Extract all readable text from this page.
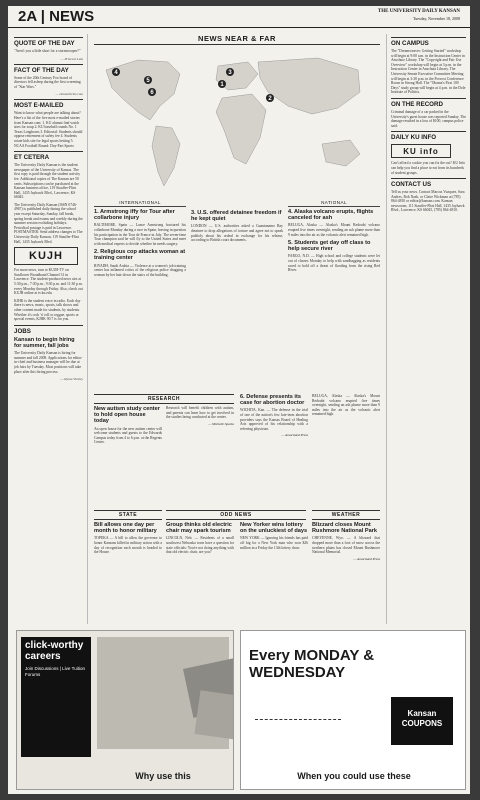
2A | NEWS	THE UNIVERSITY DAILY KANSAN
Tuesday, November 18, 2008
QUOTE OF THE DAY
"Aren't you a little short for a stormtrooper?"
— Princess Leia
FACT OF THE DAY
Some of the 20th Century Fox board of directors fell asleep during the first screening of "Star Wars."
— ezinearticles.com
MOST E-MAILED
Want to know what people are talking about? Here's a list of the five most e-mailed stories from Kansan.com: 1. KU alumni find watch sites for soup 2. KU baseball rounds No. 1 Texas Longhorns 3. Editorial: Students should oppose retirement of safety fee 4. Students rotate kids site for legal sports betting 5. NCAA Football Round: Day-Part Sports
ET CETERA
The University Daily Kansan is the student newspaper of the University of Kansas. The first copy is paid through the student activity fee. Additional copies of The Kansan are 50 cents. Subscriptions can be purchased at the Kansan business office, 119 Stauffer-Flint Hall, 1435 Jayhawk Blvd., Lawrence, KS 66045.
The University Daily Kansan (ISSN 0746-4967) is published daily during the school year except Saturday, Sunday, fall break, spring break and exams and weekly during the summer session excluding holidays. Periodical postage is paid in Lawrence. POSTMASTER: Send address changes to The University Daily Kansan, 119 Stauffer-Flint Hall, 1435 Jayhawk Blvd.
KUJH
For more news, turn to KUJH-TV on Sunflower Broadband Channel 31 in Lawrence. The student-produced news airs at 5:30 p.m., 7:30 p.m., 9:30 p.m. and 11:30 p.m. every Monday through Friday. Also, check out KUJH online at tv.ku.edu.
KJHK is the student voice in radio. Each day there is news, music, sports, talk shows and other content made for students, by students. Whether it's rock 'n' roll or reggae, sports or special events, KJHK 90.7 is for you.
JOBS
Kansan to begin hiring for summer, fall jobs
The University Daily Kansan is hiring for summer and fall 2009. Applications for editor-in-chief and business manager will be due at job fairs by Tuesday. Most positions will take place after this hiring process.
— Alyssa Vinsley
NEWS NEAR & FAR
1
2
3
4
5
6
INTERNATIONAL
1. Armstrong iffy for Tour after collarbone injury
BALTIMORE, Spain — Lance Armstrong fractured his collarbone Monday during a race in Spain, leaving in question his participation in the Tour de France in July. The seven-time Tour champion said he will fly to the United States and meet with medical experts to decide whether he needs surgery.
2. Religious cop attacks woman at training center
RIYADH, Saudi Arabia — Violence at a women's job training center has inflamed critics of the religious police dragging a woman by her hair down the stairs of the building.
3. U.S. offered detainee freedom if he kept quiet
LONDON — U.S. authorities asked a Guantanamo Bay detainee to drop allegations of torture and agree not to speak publicly about his ordeal in exchange for his release, according to British court documents.
NATIONAL
4. Alaska volcano erupts, flights canceled for ash
BELUGA, Alaska — Alaska's Mount Redoubt volcano erupted five times overnight, sending an ash plume more than 9 miles into the air as the volcanic alert remained high.
5. Students get day off class to help secure river
FARGO, N.D. — High school and college students were let out of classes Monday to help with sandbagging as residents raced to hold off a threat of flooding from the rising Red River.
RESEARCH
New autism study center to hold open house today
An open house for the new autism center will welcome students and guests to the Edwards Campus today from 4 to 6 p.m. at the Regents Center.
Research will benefit children with autism, and parents can learn how to get involved in the studies being conducted at the center.
— Michelle Sparks
STATE
Bill allows one day per month to honor military
TOPEKA — A bill to allow the governor to honor Kansans killed in military action with a day of recognition each month is headed to the House.
ODD NEWS
Group thinks old electric chair may spark tourism
LINCOLN, Neb. — Residents of a small southwest Nebraska town have a question for state officials: You're not doing anything with that old electric chair, are you?
6. Defense presents its case for abortion doctor
WICHITA, Kan. — The defense in the trial of one of the nation's few late-term abortion providers says the Kansas Board of Healing Arts approved of his relationship with a referring physician.
— Associated Press
New Yorker wins lottery on the unluckiest of days
NEW YORK — Ignoring his friends has paid off big for a New York man who won $26 million in a Friday the 13th lottery draw.
WEATHER
Blizzard closes Mount Rushmore National Park
CHEYENNE, Wyo. — A blizzard that dropped more than a foot of snow across the northern plains has closed Mount Rushmore National Memorial.
— Associated Press
BELUGA, Alaska — Alaska's Mount Redoubt volcano erupted five times overnight, sending an ash plume more than 9 miles into the air as the volcanic alert remained high.
ON CAMPUS
The "Dreamweaver: Getting Started" workshop will begin at 9:00 a.m. in the Instruction Center in Anschutz Library. The "Copyright and Fair Use Overview" workshop will begin at 3 p.m. in the Instruction Center in Anschutz Library. The University Senate Executive Committee Meeting will begin at 3:30 p.m. in the Provost Conference Room in Strong Hall. The "Obama's First 100 Days" study group will begin at 4 p.m. in the Dole Institute of Politics.
ON THE RECORD
Criminal damage of a car parked in the University's guest house was reported Sunday. The damage resulted in a loss of $100, campus police said.
DAILY KU INFO
KU info
Can't afford a cookie you can fix the cut? KU Info can help you find a place to eat from its hundreds of student groups.
CONTACT US
Tell us your news. Contact Marcus Vuzquez, Sara Andres, Rob Nash, or Claire Wickman at (785) 864-4810 or editor@kansan.com. Kansan newsroom, 111 Stauffer-Flint Hall, 1435 Jayhawk Blvd., Lawrence, KS 66045, (785) 864-4810.
click-worthy careers
Join Discussions | Live Tuition Forums
Why use this
Every MONDAY & WEDNESDAY
Kansan COUPONS
When you could use these
